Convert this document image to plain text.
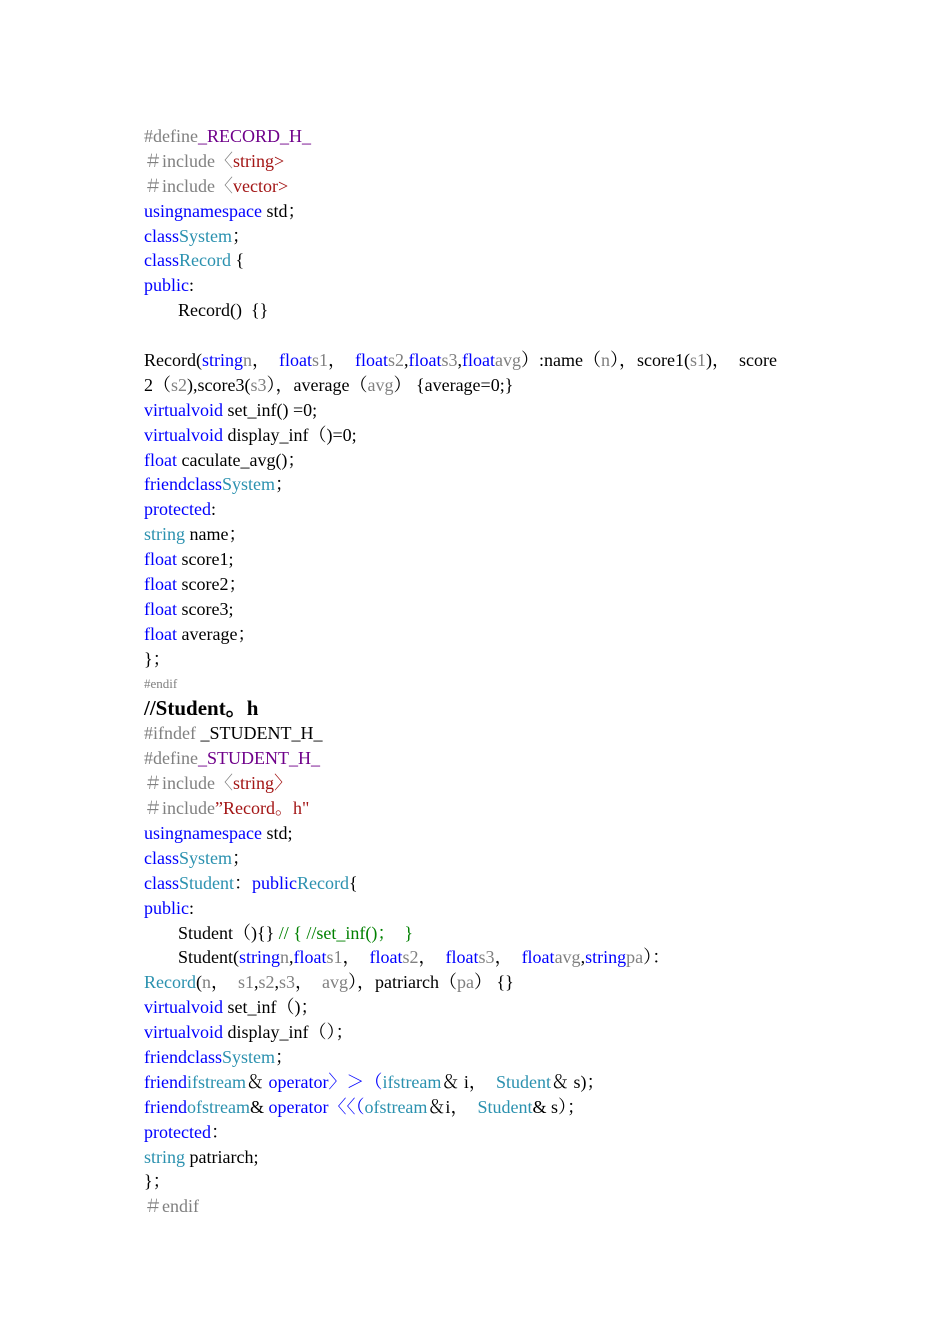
#define_RECORD_H_
＃include〈string>
＃include〈vector>
usingnamespace std；
classSystem；
classRecord {
public:
Record()  {}
Record(stringn，  floats1，  floats2,floats3,floatavg）:name（n），score1(s1)，  score
2（s2),score3(s3），average（avg） {average=0;}
virtualvoid set_inf() =0;
virtualvoid display_inf（)=0;
float caculate_avg()；
friendclassSystem；
protected:
string name；
float score1;
float score2；
float score3;
float average；
}；
#endif
//Student。h
#ifndef _STUDENT_H_
#define_STUDENT_H_
＃include〈string〉
＃include”Record。h"
usingnamespace std;
classSystem；
classStudent：publicRecord{
public:
Student（){} // { //set_inf()；  }
Student(stringn,floats1，  floats2，  floats3，  floatavg,stringpa）：
Record(n，  s1,s2,s3，  avg），patriarch（pa） {}
virtualvoid set_inf（)；
virtualvoid display_inf（）；
friendclassSystem；
friendifstream＆ operator〉＞（ifstream＆ i，  Student＆ s)；
friendofstream& operator〈〈（ofstream＆i，  Student& s）；
protected：
string patriarch;
}；
＃endif
